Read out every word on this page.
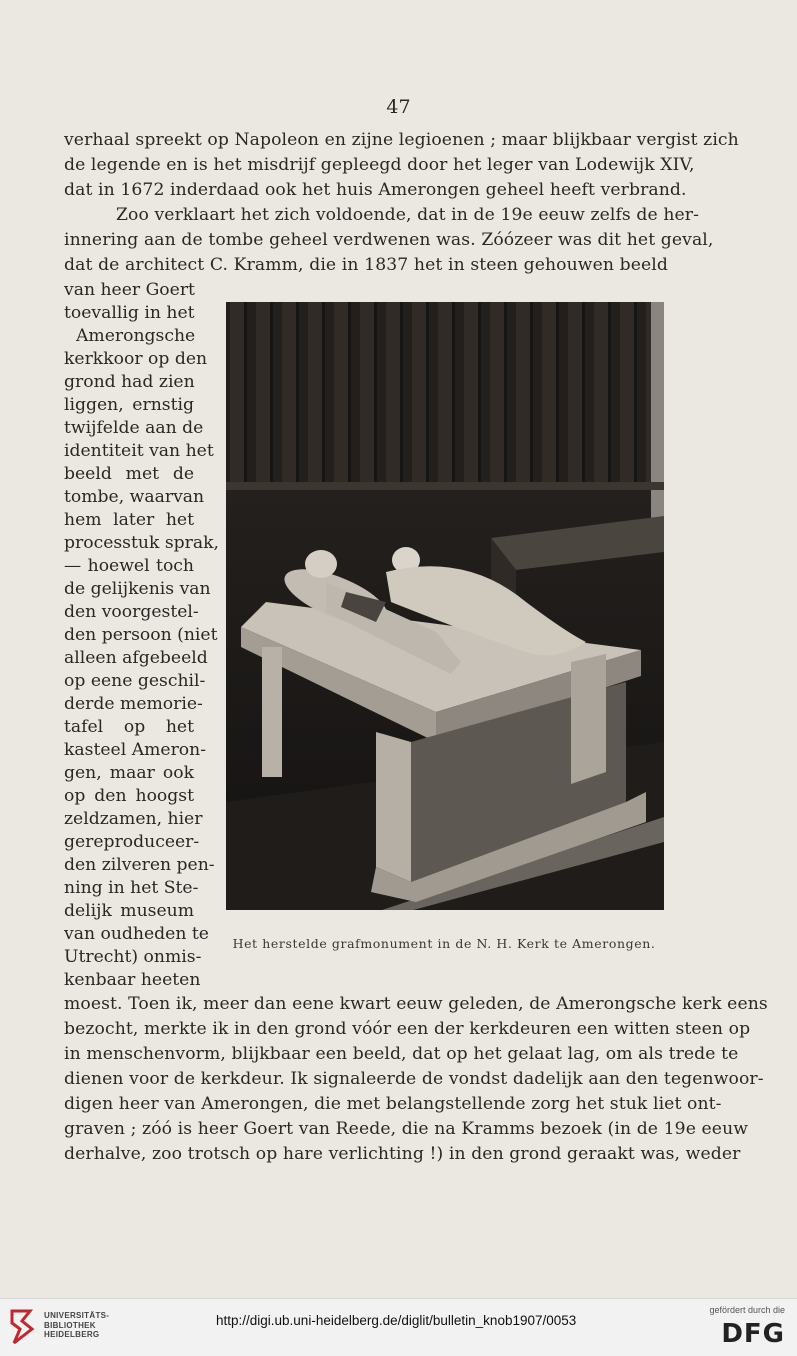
47
verhaal spreekt op Napoleon en zijne legioenen ; maar blijkbaar vergist zich
de legende en is het misdrijf gepleegd door het leger van Lodewijk XIV,
dat in 1672 inderdaad ook het huis Amerongen geheel heeft verbrand.
Zoo verklaart het zich voldoende, dat in de 19e eeuw zelfs de her-
innering aan de tombe geheel verdwenen was. Zóózeer was dit het geval,
dat de architect C. Kramm, die in 1837 het in steen gehouwen beeld
van heer Goert
toevallig in het
Amerongsche
kerkkoor op den
grond had zien
liggen, ernstig
twijfelde aan de
identiteit van het
beeld met de
tombe, waarvan
hem later het
processtuk sprak,
— hoewel toch
de gelijkenis van
den voorgestel-
den persoon (niet
alleen afgebeeld
op eene geschil-
derde memorie-
tafel op het
kasteel Ameron-
gen, maar ook
op den hoogst
zeldzamen, hier
gereproduceer-
den zilveren pen-
ning in het Ste-
delijk museum
van oudheden te
Utrecht) onmis-
kenbaar heeten
Het herstelde grafmonument in de N. H. Kerk te Amerongen.
moest. Toen ik, meer dan eene kwart eeuw geleden, de Amerongsche kerk eens
bezocht, merkte ik in den grond vóór een der kerkdeuren een witten steen op
in menschenvorm, blijkbaar een beeld, dat op het gelaat lag, om als trede te
dienen voor de kerkdeur. Ik signaleerde de vondst dadelijk aan den tegenwoor-
digen heer van Amerongen, die met belangstellende zorg het stuk liet ont-
graven ; zóó is heer Goert van Reede, die na Kramms bezoek (in de 19e eeuw
derhalve, zoo trotsch op hare verlichting !) in den grond geraakt was, weder
UNIVERSITÄTS-
BIBLIOTHEK
HEIDELBERG
http://digi.ub.uni-heidelberg.de/diglit/bulletin_knob1907/0053
gefördert durch die
DFG
